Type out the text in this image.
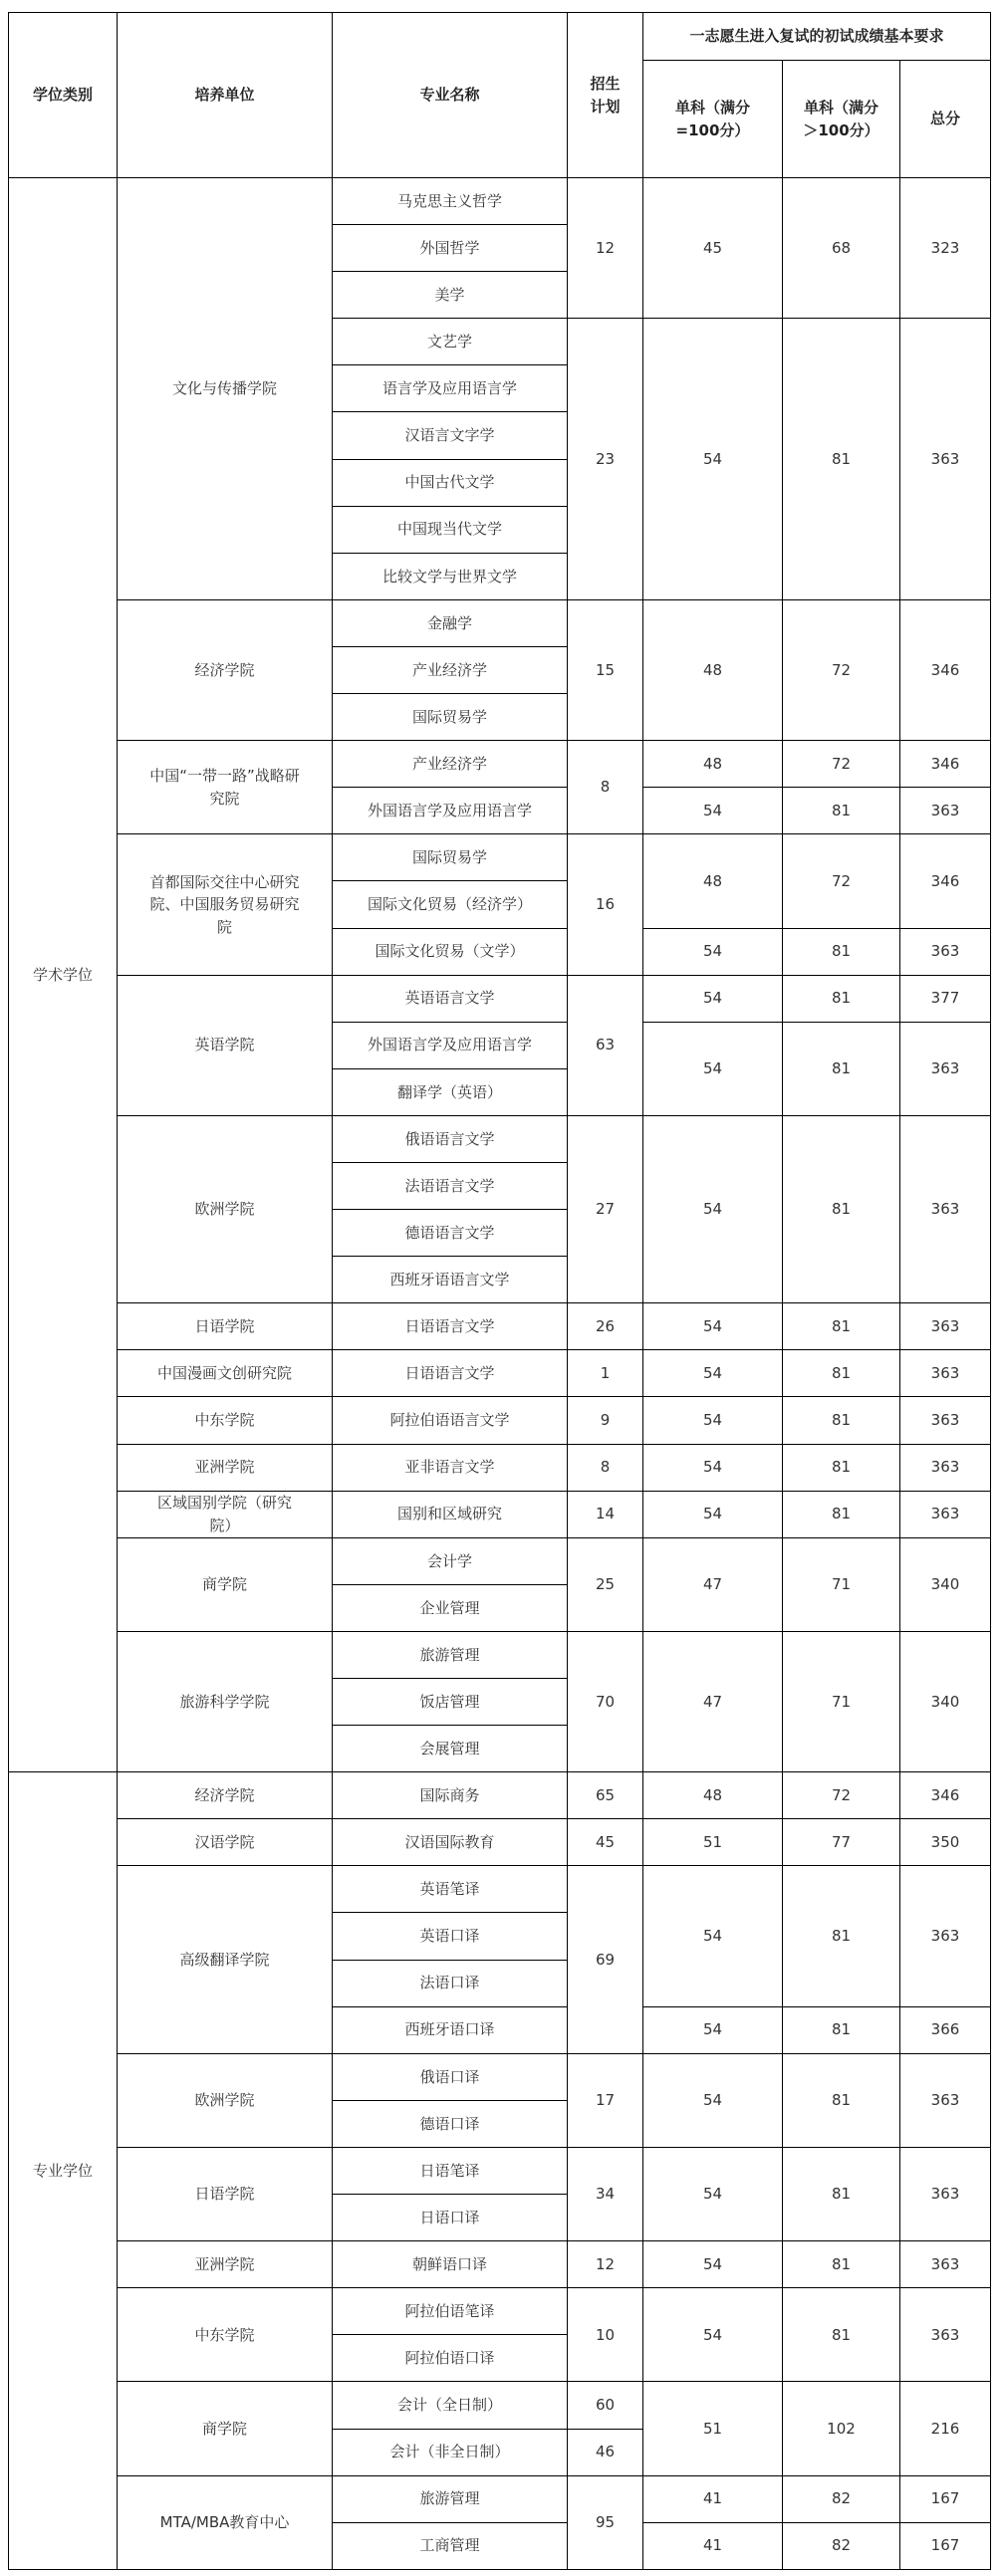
学位类别	培养单位	专业名称	招生计划	一志愿生进入复试的初试成绩基本要求		
				单科（满分=100分）	单科（满分＞100分）	总分
学术学位	文化与传播学院	马克思主义哲学	12	45	68	323
		外国哲学				
		美学				
		文艺学	23	54	81	363
		语言学及应用语言学				
		汉语言文字学				
		中国古代文学				
		中国现当代文学				
		比较文学与世界文学				
	经济学院	金融学	15	48	72	346
		产业经济学				
		国际贸易学				
	中国“一带一路”战略研究院	产业经济学	8	48	72	346
		外国语言学及应用语言学		54	81	363
	首都国际交往中心研究院、中国服务贸易研究院	国际贸易学	16	48	72	346
		国际文化贸易（经济学）				
		国际文化贸易（文学）		54	81	363
	英语学院	英语语言文学	63	54	81	377
		外国语言学及应用语言学		54	81	363
		翻译学（英语）				
	欧洲学院	俄语语言文学	27	54	81	363
		法语语言文学				
		德语语言文学				
		西班牙语语言文学				
	日语学院	日语语言文学	26	54	81	363
	中国漫画文创研究院	日语语言文学	1	54	81	363
	中东学院	阿拉伯语语言文学	9	54	81	363
	亚洲学院	亚非语言文学	8	54	81	363
	区域国别学院（研究院）	国别和区域研究	14	54	81	363
	商学院	会计学	25	47	71	340
		企业管理				
	旅游科学学院	旅游管理	70	47	71	340
		饭店管理				
		会展管理				
专业学位	经济学院	国际商务	65	48	72	346
	汉语学院	汉语国际教育	45	51	77	350
	高级翻译学院	英语笔译	69	54	81	363
		英语口译				
		法语口译				
		西班牙语口译		54	81	366
	欧洲学院	俄语口译	17	54	81	363
		德语口译				
	日语学院	日语笔译	34	54	81	363
		日语口译				
	亚洲学院	朝鲜语口译	12	54	81	363
	中东学院	阿拉伯语笔译	10	54	81	363
		阿拉伯语口译				
	商学院	会计（全日制）	60	51	102	216
		会计（非全日制）	46			
	MTA/MBA教育中心	旅游管理	95	41	82	167
		工商管理		41	82	167
